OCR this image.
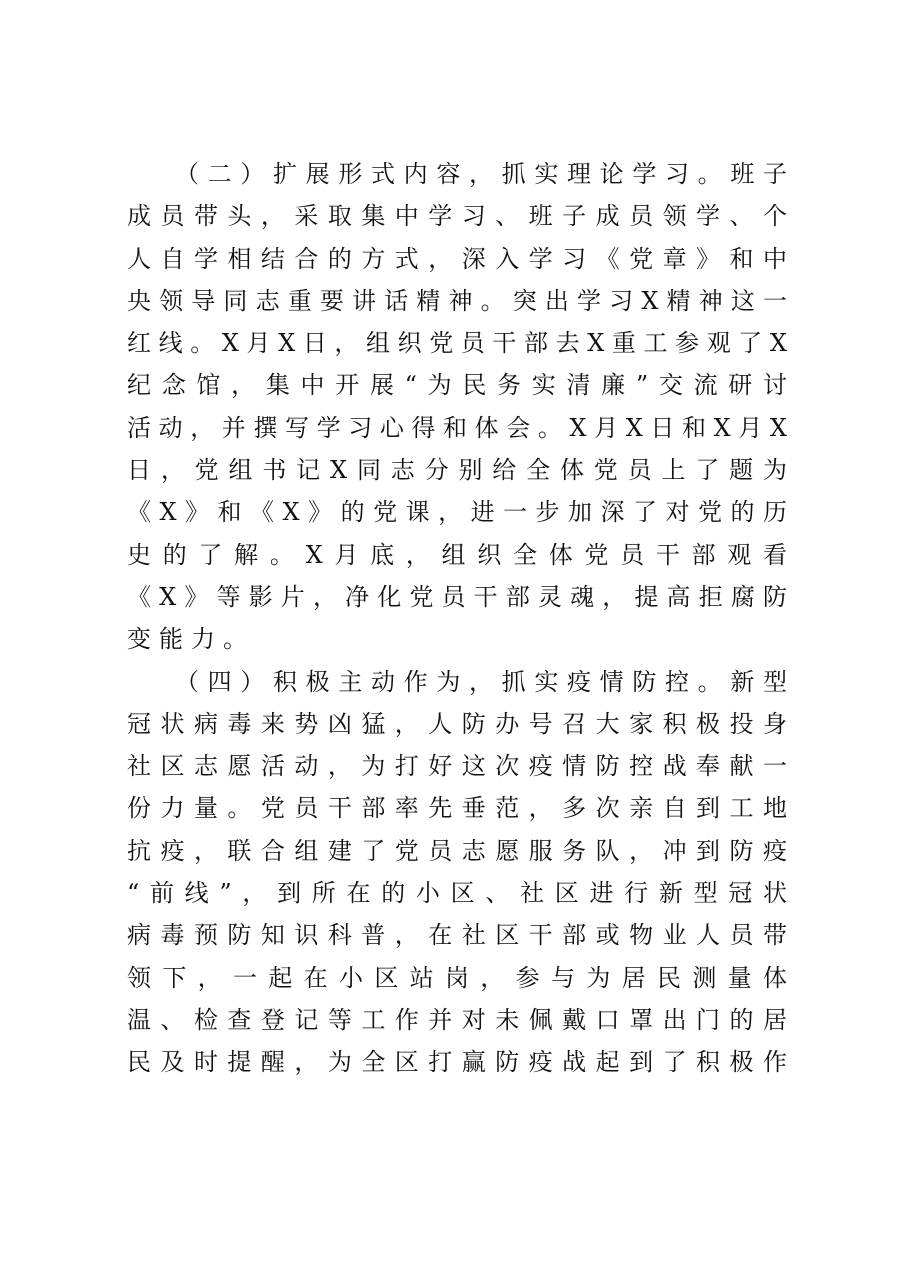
（二）扩展形式内容，抓实理论学习。班子
成员带头，采取集中学习、班子成员领学、个
人自学相结合的方式，深入学习《党章》和中
央领导同志重要讲话精神。突出学习X精神这一
红线。X月X日，组织党员干部去X重工参观了X
纪念馆，集中开展“为民务实清廉”交流研讨
活动，并撰写学习心得和体会。X月X日和X月X
日，党组书记X同志分别给全体党员上了题为
《X》和《X》的党课，进一步加深了对党的历
史的了解。X月底，组织全体党员干部观看
《X》等影片，净化党员干部灵魂，提高拒腐防
变能力。
（四）积极主动作为，抓实疫情防控。新型
冠状病毒来势凶猛，人防办号召大家积极投身
社区志愿活动，为打好这次疫情防控战奉献一
份力量。党员干部率先垂范，多次亲自到工地
抗疫，联合组建了党员志愿服务队，冲到防疫
“前线”，到所在的小区、社区进行新型冠状
病毒预防知识科普，在社区干部或物业人员带
领下，一起在小区站岗，参与为居民测量体
温、检查登记等工作并对未佩戴口罩出门的居
民及时提醒，为全区打赢防疫战起到了积极作
